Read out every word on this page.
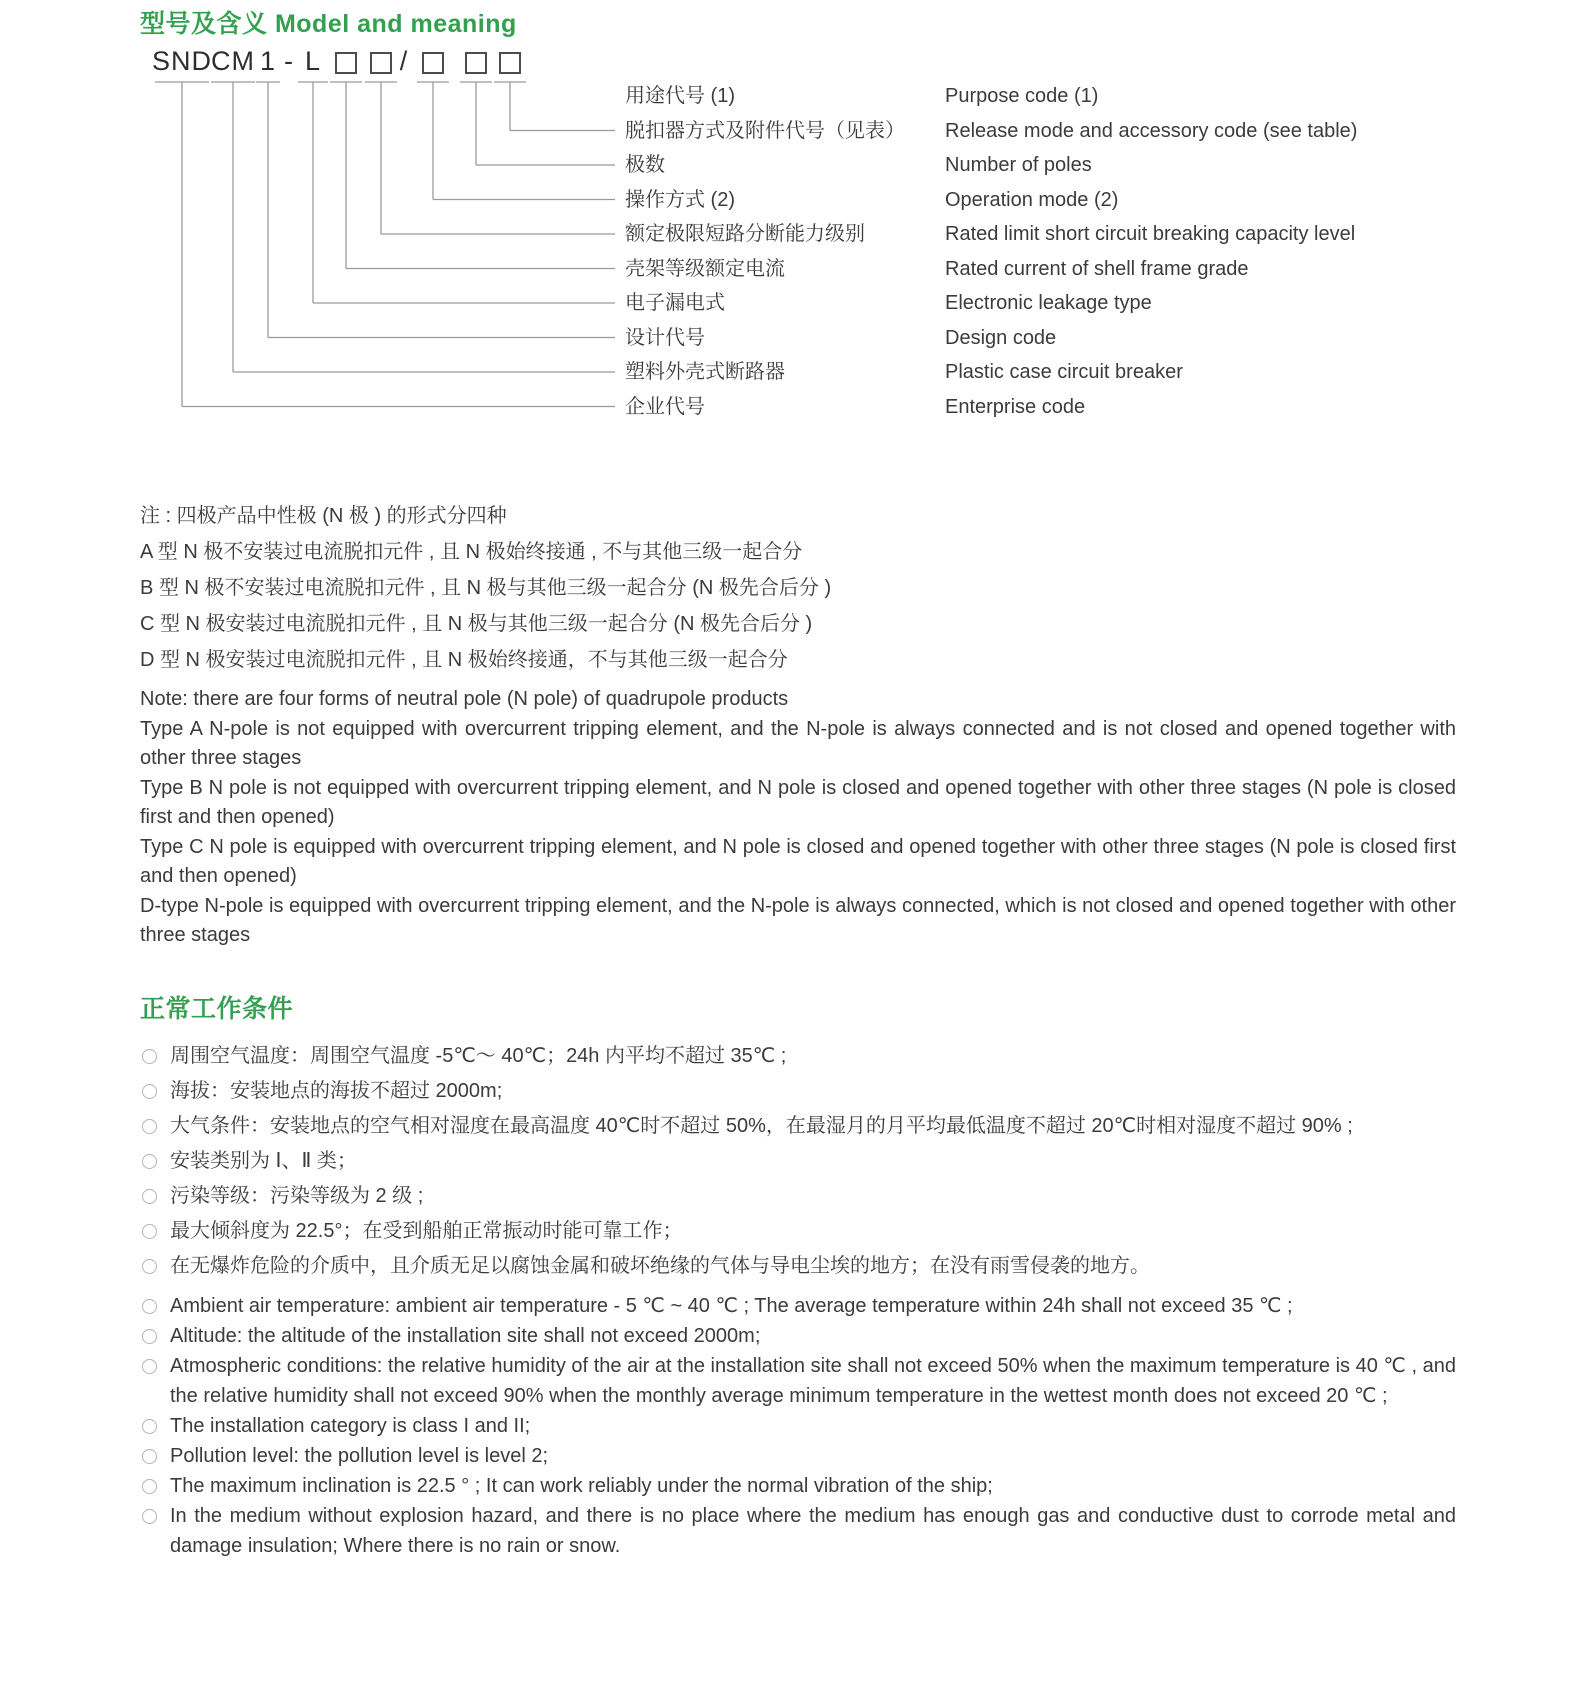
型号及含义 Model and meaning
SND
CM 1 - L	/
用途代号 (1)	Purpose code (1)
脱扣器方式及附件代号（见表） Release mode and accessory code (see table)
极数	Number of poles
操作方式 (2)	Operation mode (2)
额定极限短路分断能力级别	Rated limit short circuit breaking capacity level
壳架等级额定电流	Rated current of shell frame grade
电子漏电式	Electronic leakage type
设计代号	Design code
塑料外壳式断路器	Plastic case circuit breaker
企业代号	Enterprise code

注 : 四极产品中性极 (N 极 ) 的形式分四种

A 型 N 极不安装过电流脱扣元件 , 且 N 极始终接通 , 不与其他三级一起合分

B 型 N 极不安装过电流脱扣元件 , 且 N 极与其他三级一起合分 (N 极先合后分 )

C 型 N 极安装过电流脱扣元件 , 且 N 极与其他三级一起合分 (N 极先合后分 )

D 型 N 极安装过电流脱扣元件 , 且 N 极始终接通，不与其他三级一起合分

Note: there are four forms of neutral pole (N pole) of quadrupole products

Type A N-pole is not equipped with overcurrent tripping element, and the N-pole is always connected and is not closed and opened together with other three stages

Type B N pole is not equipped with overcurrent tripping element, and N pole is closed and opened together with other three stages (N pole is closed first and then opened)

Type C N pole is equipped with overcurrent tripping element, and N pole is closed and opened together with other three stages (N pole is closed first and then opened)

D-type N-pole is equipped with overcurrent tripping element, and the N-pole is always connected, which is not closed and opened together with other three stages

正常工作条件
周围空气温度：周围空气温度 -5℃～ 40℃；24h 内平均不超过 35℃ ;
海拔：安装地点的海拔不超过 2000m;
大气条件：安装地点的空气相对湿度在最高温度 40℃时不超过 50%，在最湿月的月平均最低温度不超过 20℃时相对湿度不超过 90% ;
安装类别为 Ⅰ、Ⅱ 类；
污染等级：污染等级为 2 级 ;
最大倾斜度为 22.5°；在受到船舶正常振动时能可靠工作；
在无爆炸危险的介质中，且介质无足以腐蚀金属和破坏绝缘的气体与导电尘埃的地方；在没有雨雪侵袭的地方。
Ambient air temperature: ambient air temperature - 5 ℃ ~ 40 ℃ ; The average temperature within 24h shall not exceed 35 ℃ ;
Altitude: the altitude of the installation site shall not exceed 2000m;
Atmospheric conditions: the relative humidity of the air at the installation site shall not exceed 50% when the maximum temperature is 40 ℃ , and the relative humidity shall not exceed 90% when the monthly average minimum temperature in the wettest month does not exceed 20 ℃ ;
The installation category is class I and II;
Pollution level: the pollution level is level 2;
The maximum inclination is 22.5 ° ; It can work reliably under the normal vibration of the ship;
In the medium without explosion hazard, and there is no place where the medium has enough gas and conductive dust to corrode metal and damage insulation; Where there is no rain or snow.
